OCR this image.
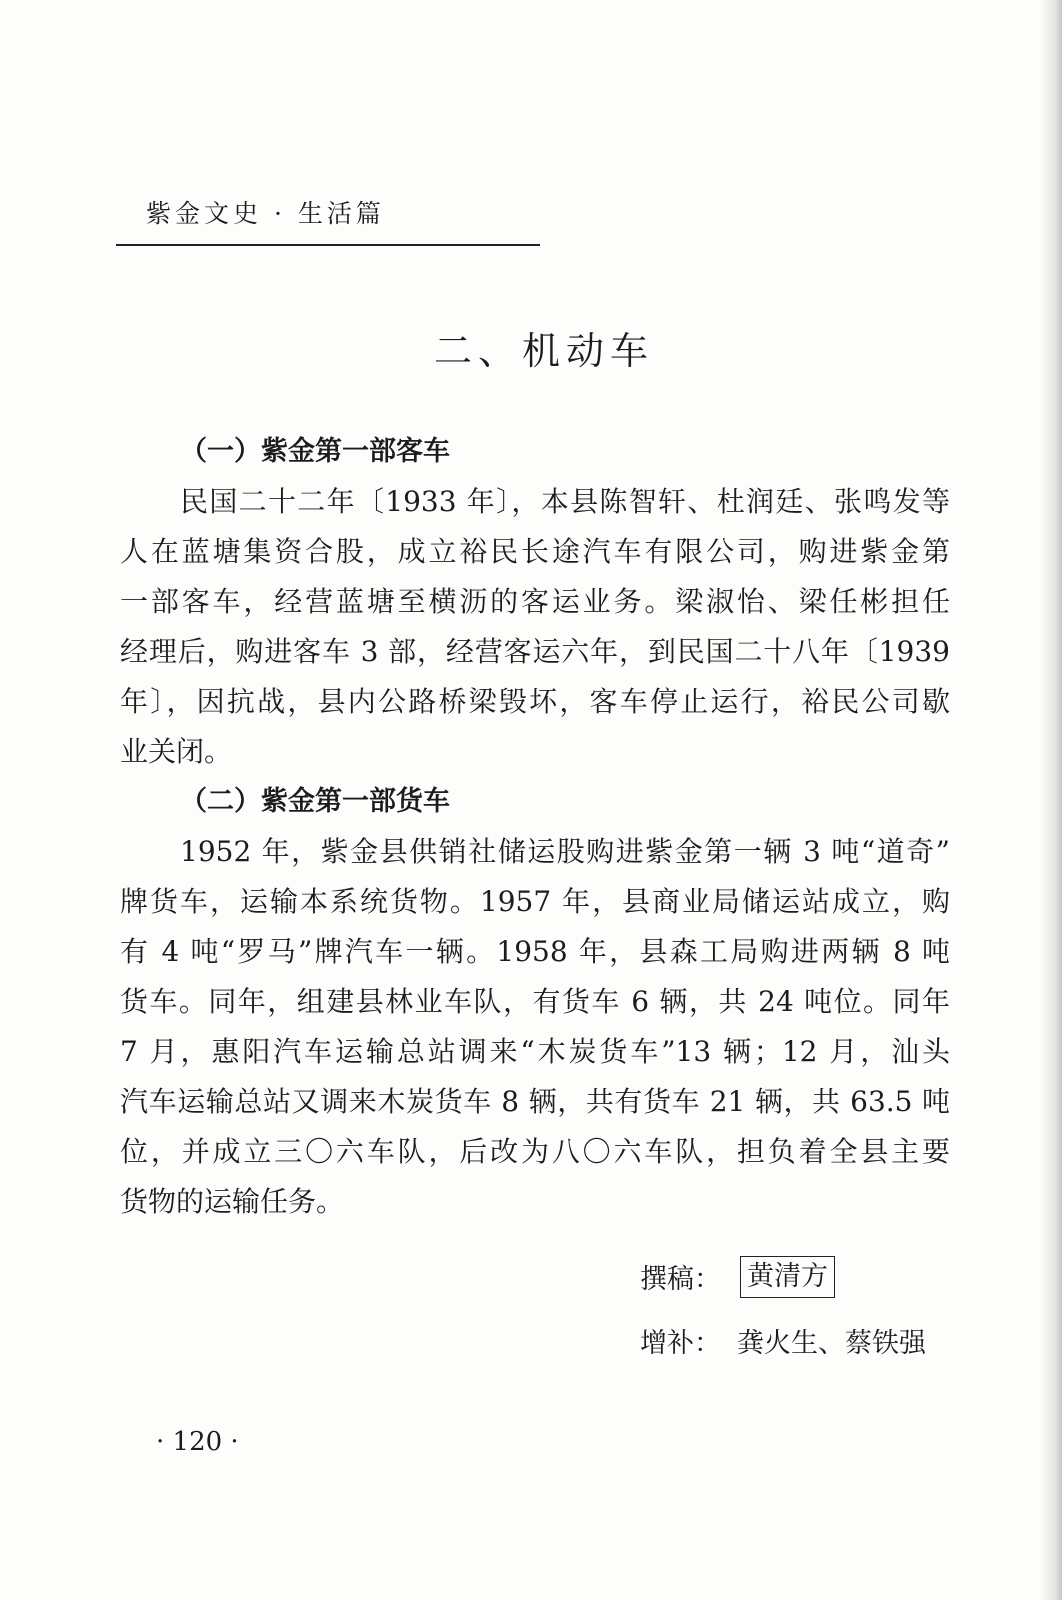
紫金文史 · 生活篇
二、机动车
（一）紫金第一部客车
民国二十二年〔1933 年〕，本县陈智轩、杜润廷、张鸣发等
人在蓝塘集资合股，成立裕民长途汽车有限公司，购进紫金第
一部客车，经营蓝塘至横沥的客运业务。梁淑怡、梁任彬担任
经理后，购进客车 3 部，经营客运六年，到民国二十八年〔1939
年〕，因抗战，县内公路桥梁毁坏，客车停止运行，裕民公司歇
业关闭。
（二）紫金第一部货车
1952 年，紫金县供销社储运股购进紫金第一辆 3 吨“道奇”
牌货车，运输本系统货物。1957 年，县商业局储运站成立，购
有 4 吨“罗马”牌汽车一辆。1958 年，县森工局购进两辆 8 吨
货车。同年，组建县林业车队，有货车 6 辆，共 24 吨位。同年
7 月，惠阳汽车运输总站调来“木炭货车”13 辆；12 月，汕头
汽车运输总站又调来木炭货车 8 辆，共有货车 21 辆，共 63.5 吨
位，并成立三〇六车队，后改为八〇六车队，担负着全县主要
货物的运输任务。
撰稿： 黄清方
增补： 龚火生、蔡铁强
· 120 ·
